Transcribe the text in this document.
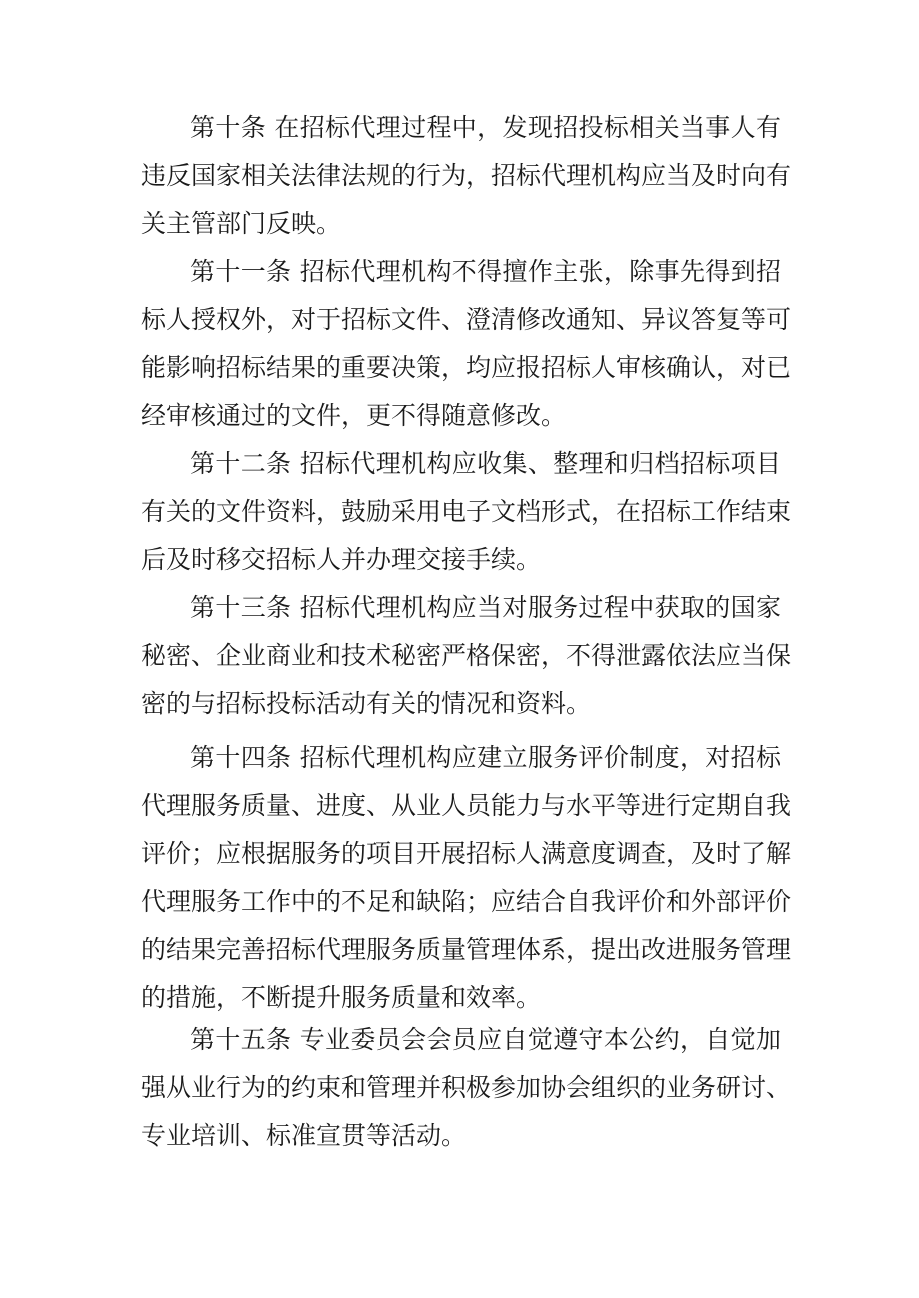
第十条 在招标代理过程中，发现招投标相关当事人有

违反国家相关法律法规的行为，招标代理机构应当及时向有

关主管部门反映。

第十一条 招标代理机构不得擅作主张，除事先得到招

标人授权外，对于招标文件、澄清修改通知、异议答复等可

能影响招标结果的重要决策，均应报招标人审核确认，对已

经审核通过的文件，更不得随意修改。

第十二条 招标代理机构应收集、整理和归档招标项目

有关的文件资料，鼓励采用电子文档形式，在招标工作结束

后及时移交招标人并办理交接手续。

第十三条 招标代理机构应当对服务过程中获取的国家

秘密、企业商业和技术秘密严格保密，不得泄露依法应当保

密的与招标投标活动有关的情况和资料。

第十四条 招标代理机构应建立服务评价制度，对招标

代理服务质量、进度、从业人员能力与水平等进行定期自我

评价；应根据服务的项目开展招标人满意度调查，及时了解

代理服务工作中的不足和缺陷；应结合自我评价和外部评价

的结果完善招标代理服务质量管理体系，提出改进服务管理

的措施，不断提升服务质量和效率。

第十五条 专业委员会会员应自觉遵守本公约，自觉加

强从业行为的约束和管理并积极参加协会组织的业务研讨、

专业培训、标准宣贯等活动。
